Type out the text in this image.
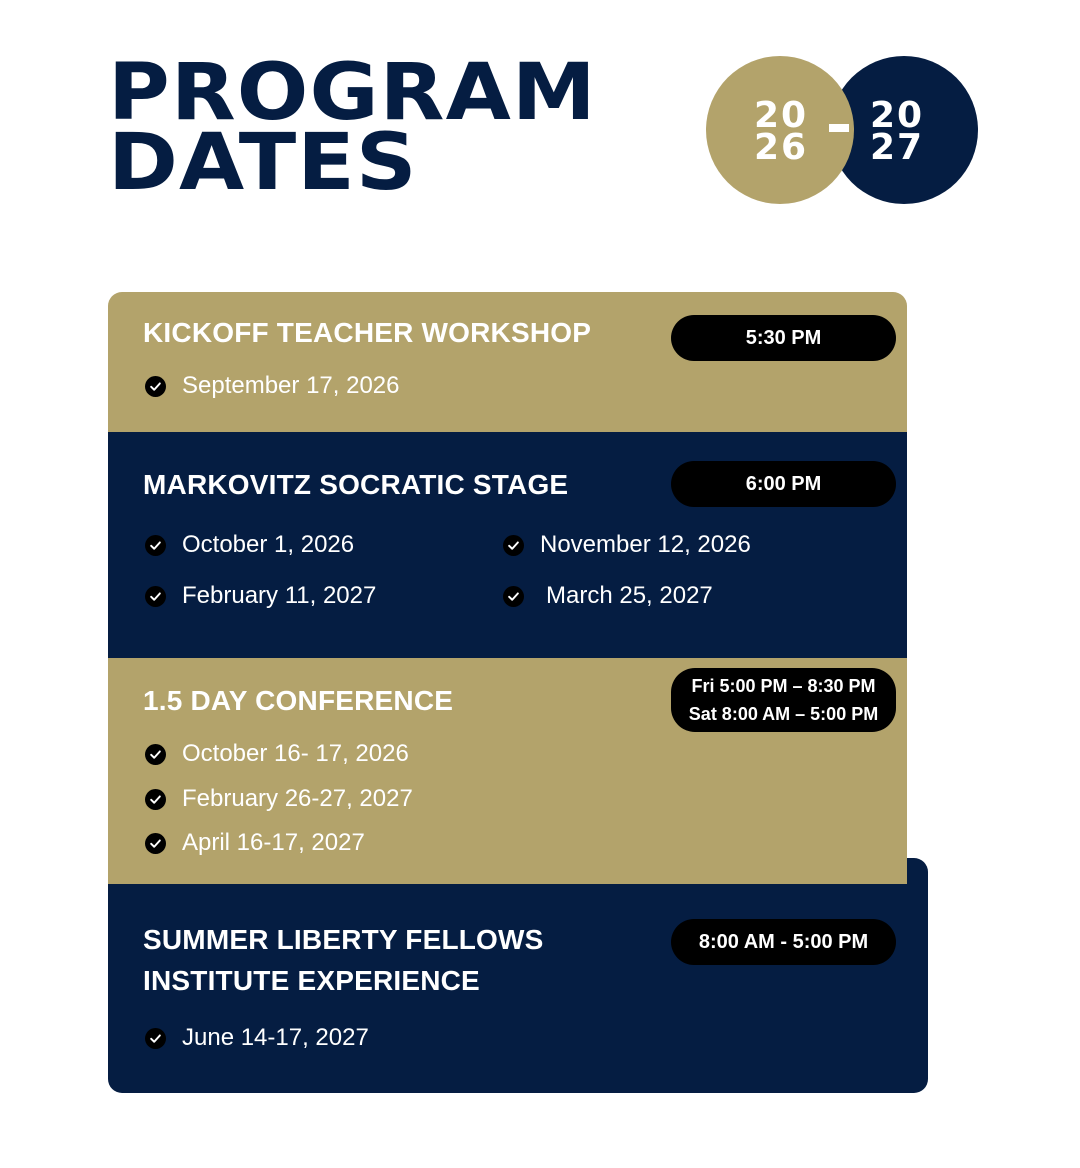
PROGRAM
DATES
20
26
20
27
KICKOFF TEACHER WORKSHOP	5:30 PM
September 17, 2026
MARKOVITZ SOCRATIC STAGE	6:00 PM
October 1, 2026	November 12, 2026
February 11, 2027	March 25, 2027
1.5 DAY CONFERENCE	Fri 5:00 PM – 8:30 PM
Sat 8:00 AM – 5:00 PM
October 16- 17, 2026
February 26-27, 2027
April 16-17, 2027
SUMMER LIBERTY FELLOWS
INSTITUTE EXPERIENCE
8:00 AM - 5:00 PM
June 14-17, 2027
